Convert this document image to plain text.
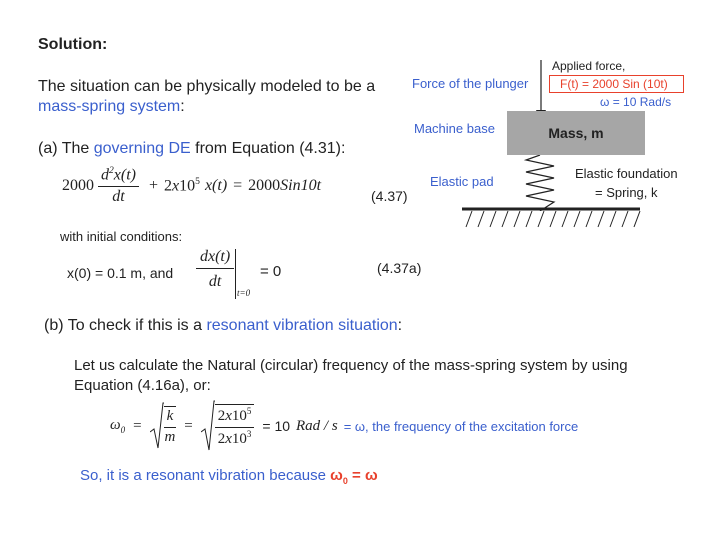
Solution:
The situation can be physically modeled to be a
mass-spring system:
(a) The governing DE from Equation (4.31):
$2000 \frac{d^2x(t)}{dt} + 2x10^5$ x(t) = 2000 Sin10t
(4.37)
with initial conditions:
x(0) = 0.1 m, and
dx(t)
dt
t=0
= 0	(4.37a)
(b) To check if this is a resonant vibration situation:
Let us calculate the Natural (circular) frequency of the mass-spring system by using
Equation (4.16a), or:
$\omega_0 = \frac{k}{m} = \frac{2x10^5}{2x10^3} = 10$ Rad / s = ω, the frequency of the excitation force
So, it is a resonant vibration because $\omega_0 = \omega$
Applied force,
F(t) = 2000 Sin (10t)
ω = 10 Rad/s
Force of the plunger
Machine base	Mass, m
Elastic pad
Elastic foundation
= Spring, k
